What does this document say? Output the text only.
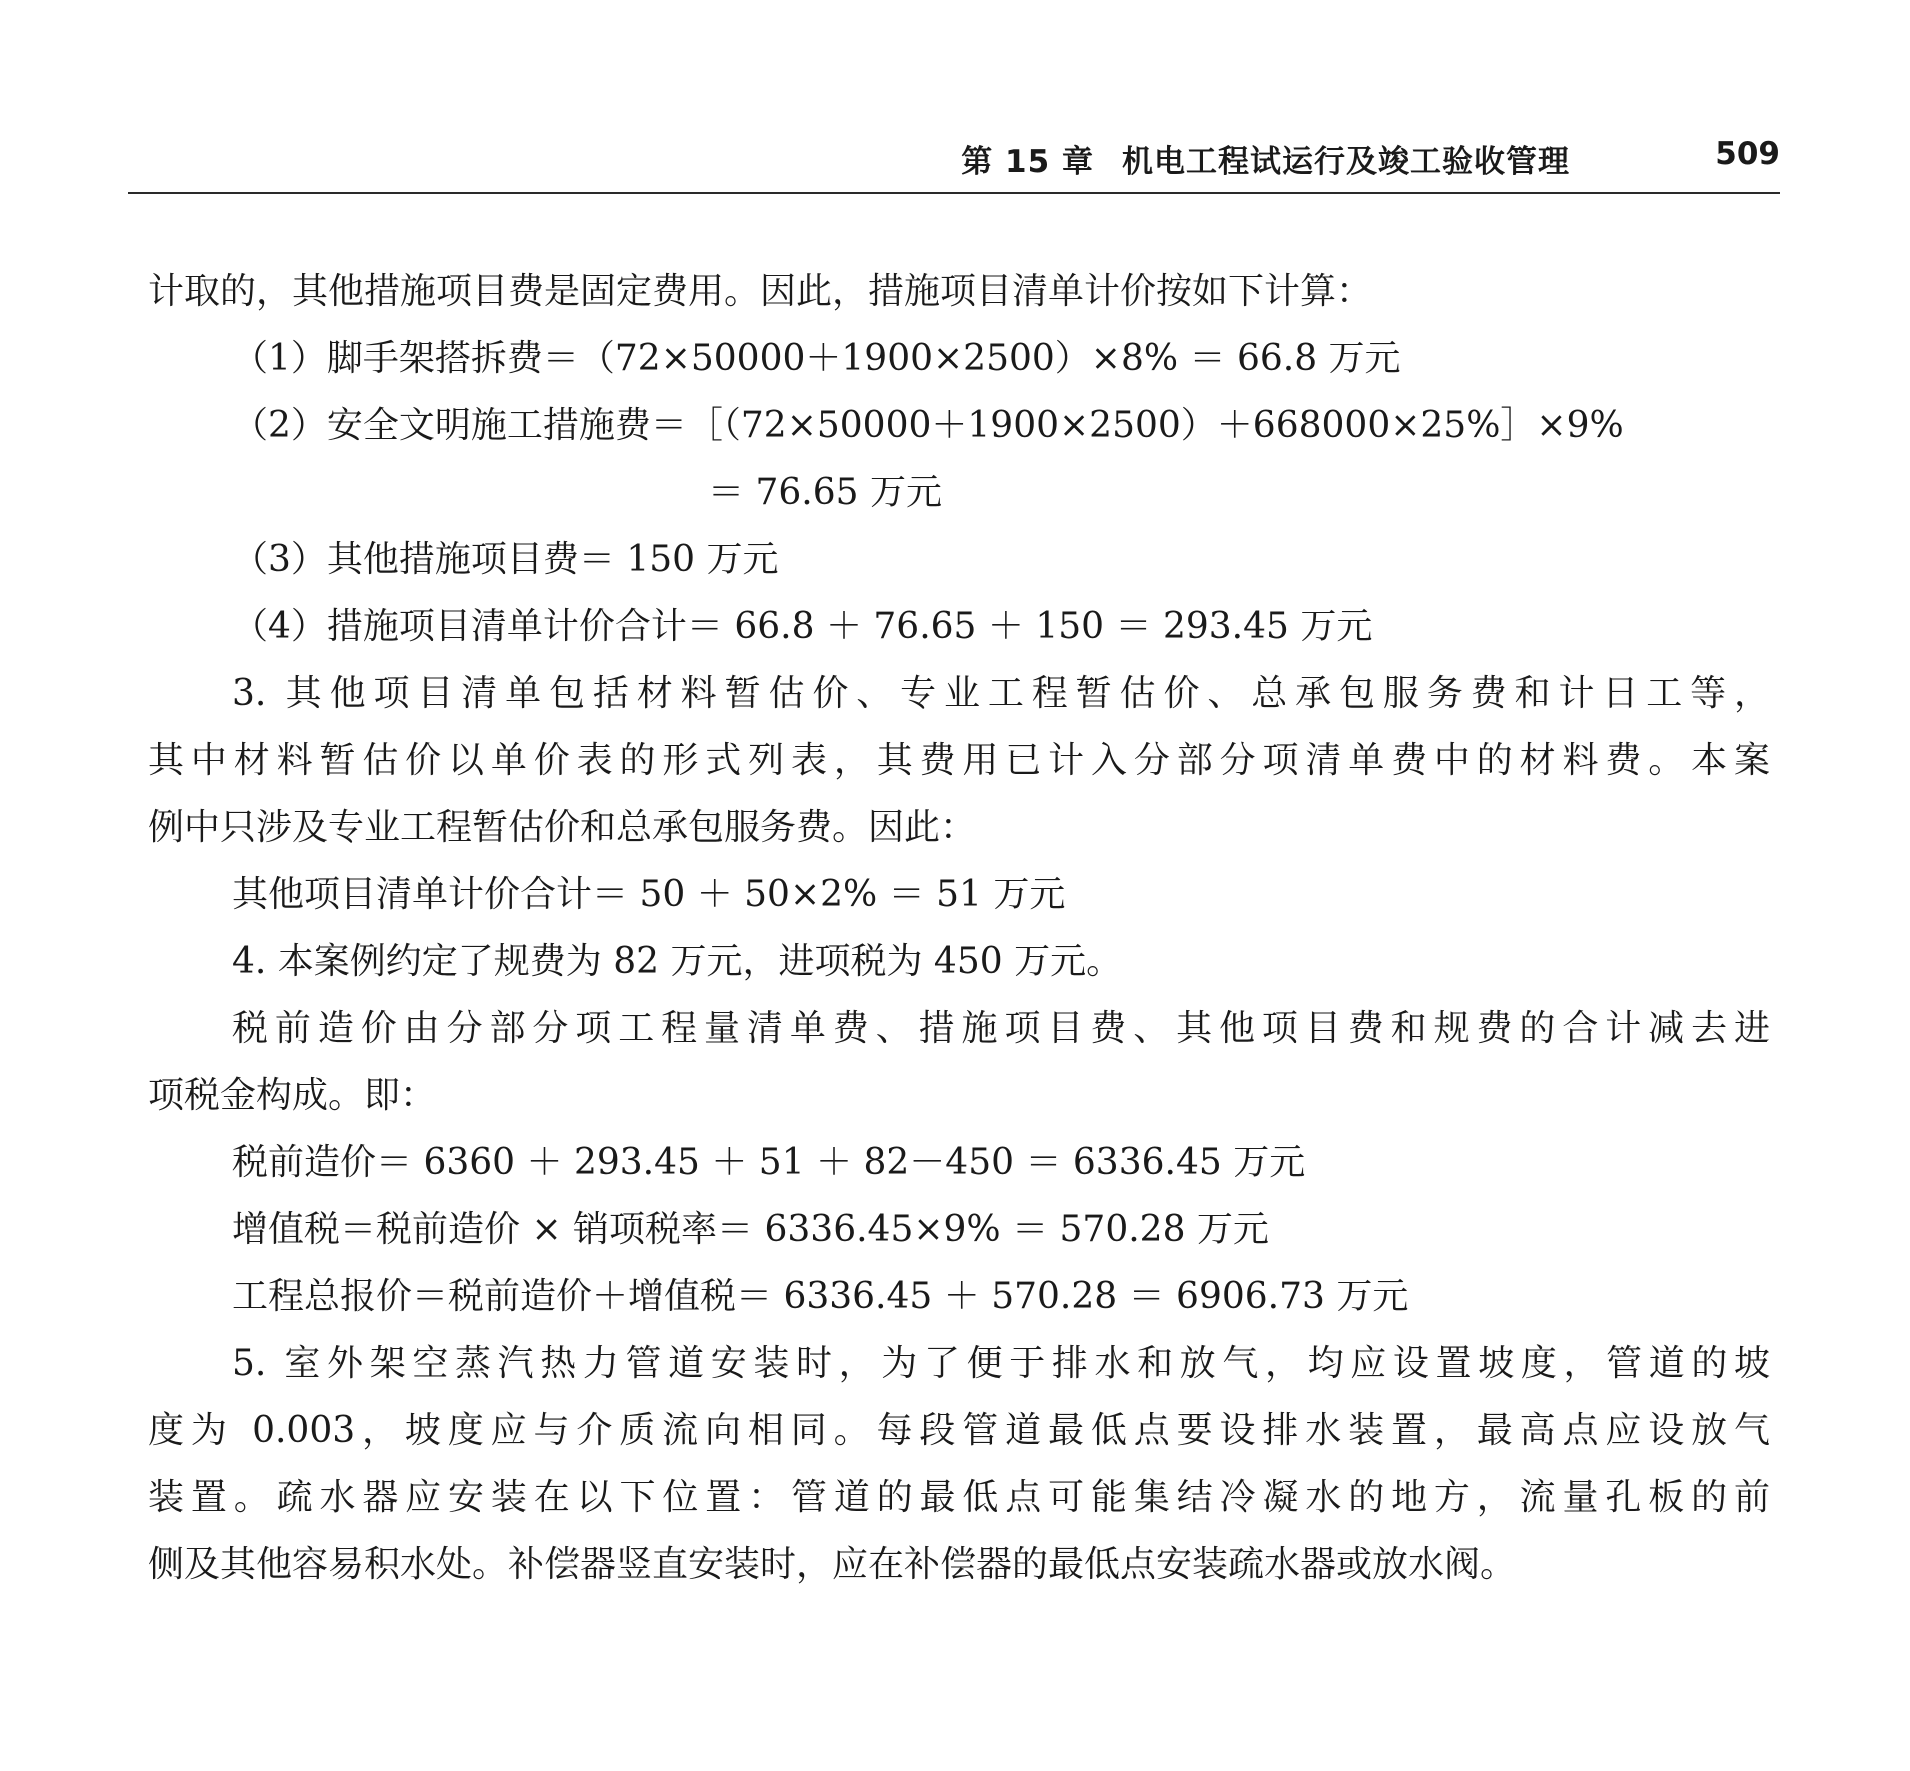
第 15 章 机电工程试运行及竣工验收管理	509
计取的，其他措施项目费是固定费用。因此，措施项目清单计价按如下计算：
（1）脚手架搭拆费＝（72×50000＋1900×2500）×8% ＝ 66.8 万元
（2）安全文明施工措施费＝［（72×50000＋1900×2500）＋668000×25%］×9%
＝ 76.65 万元
（3）其他措施项目费＝ 150 万元
（4）措施项目清单计价合计＝ 66.8 ＋ 76.65 ＋ 150 ＝ 293.45 万元
3. 其他项目清单包括材料暂估价、专业工程暂估价、总承包服务费和计日工等，
其中材料暂估价以单价表的形式列表，其费用已计入分部分项清单费中的材料费。本案
例中只涉及专业工程暂估价和总承包服务费。因此：
其他项目清单计价合计＝ 50 ＋ 50×2% ＝ 51 万元
4. 本案例约定了规费为 82 万元，进项税为 450 万元。
税前造价由分部分项工程量清单费、措施项目费、其他项目费和规费的合计减去进
项税金构成。即：
税前造价＝ 6360 ＋ 293.45 ＋ 51 ＋ 82－450 ＝ 6336.45 万元
增值税＝税前造价 × 销项税率＝ 6336.45×9% ＝ 570.28 万元
工程总报价＝税前造价＋增值税＝ 6336.45 ＋ 570.28 ＝ 6906.73 万元
5. 室外架空蒸汽热力管道安装时，为了便于排水和放气，均应设置坡度，管道的坡
度为 0.003，坡度应与介质流向相同。每段管道最低点要设排水装置，最高点应设放气
装置。疏水器应安装在以下位置：管道的最低点可能集结冷凝水的地方，流量孔板的前
侧及其他容易积水处。补偿器竖直安装时，应在补偿器的最低点安装疏水器或放水阀。
